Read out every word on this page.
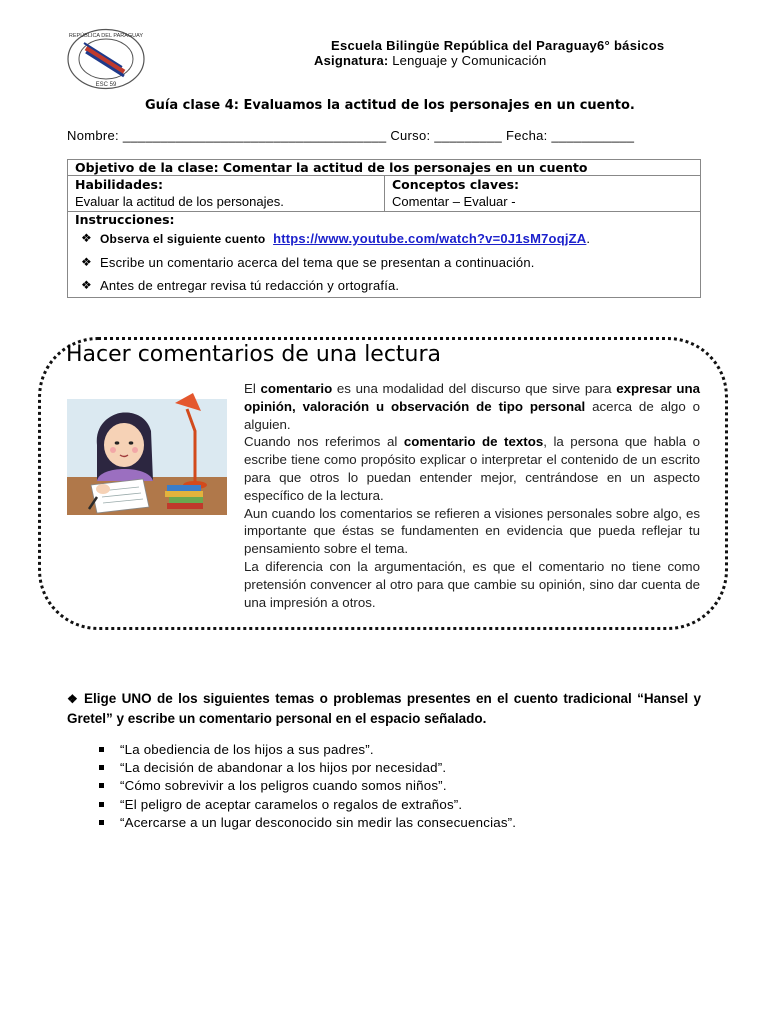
REPÚBLICA DEL PARAGUAY
ESC 59
Escuela Bilingüe República del Paraguay6° básicos
Asignatura: Lenguaje y Comunicación
Guía clase 4: Evaluamos la actitud de los personajes en un cuento.
Nombre: ___________________________________ Curso: _________ Fecha: ___________
Objetivo de la clase: Comentar la actitud de los personajes en un cuento

Habilidades:
Evaluar la actitud de los personajes.

Conceptos claves:
Comentar – Evaluar -

Instrucciones:
❖ Observa el siguiente cuento https://www.youtube.com/watch?v=0J1sM7oqjZA.
❖ Escribe un comentario acerca del tema que se presentan a continuación.
❖ Antes de entregar revisa tú redacción y ortografía.
Hacer comentarios de una lectura

El comentario es una modalidad del discurso que sirve para expresar una opinión, valoración u observación de tipo personal acerca de algo o alguien.

Cuando nos referimos al comentario de textos, la persona que habla o escribe tiene como propósito explicar o interpretar el contenido de un escrito para que otros lo puedan entender mejor, centrándose en un aspecto específico de la lectura.

Aun cuando los comentarios se refieren a visiones personales sobre algo, es importante que éstas se fundamenten en evidencia que pueda reflejar tu pensamiento sobre el tema.

La diferencia con la argumentación, es que el comentario no tiene como pretensión convencer al otro para que cambie su opinión, sino dar cuenta de una impresión a otros.

❖ Elige UNO de los siguientes temas o problemas presentes en el cuento tradicional “Hansel y Gretel” y escribe un comentario personal en el espacio señalado.
“La obediencia de los hijos a sus padres”.
“La decisión de abandonar a los hijos por necesidad”.
“Cómo sobrevivir a los peligros cuando somos niños”.
“El peligro de aceptar caramelos o regalos de extraños”.
“Acercarse a un lugar desconocido sin medir las consecuencias”.
